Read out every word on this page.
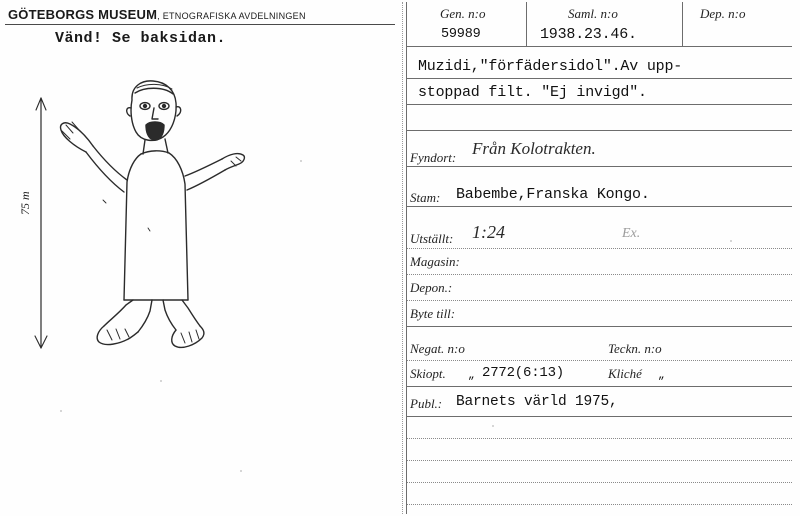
GÖTEBORGS MUSEUM, ETNOGRAFISKA AVDELNINGEN
Vänd! Se baksidan.
75 m
Gen. n:o
59989
Saml. n:o
1938.23.46.
Dep. n:o
Muzidi,"förfädersidol".Av upp-
stoppad filt. "Ej invigd".
Fyndort: Från Kolotrakten.
Stam: Babembe,Franska Kongo.
Utställt: 1:24	Ex.
Magasin:
Depon.:
Byte till:
Negat. n:o	Teckn. n:o
Skiopt. „ 2772(6:13)	Kliché „
Publ.: Barnets värld 1975,
